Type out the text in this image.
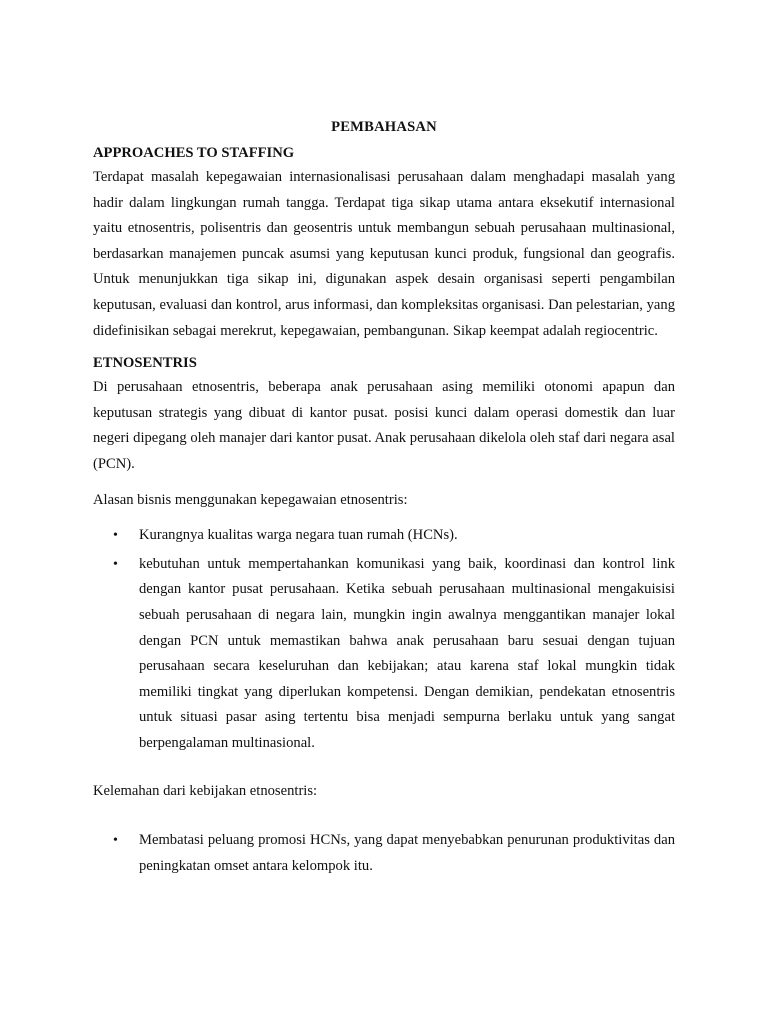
PEMBAHASAN
APPROACHES TO STAFFING

Terdapat masalah kepegawaian internasionalisasi perusahaan dalam menghadapi masalah yang hadir dalam lingkungan rumah tangga. Terdapat tiga sikap utama antara eksekutif internasional yaitu etnosentris, polisentris dan geosentris untuk membangun sebuah perusahaan multinasional, berdasarkan manajemen puncak asumsi yang keputusan kunci produk, fungsional dan geografis. Untuk menunjukkan tiga sikap ini, digunakan aspek desain organisasi seperti pengambilan keputusan, evaluasi dan kontrol, arus informasi, dan kompleksitas organisasi. Dan pelestarian, yang didefinisikan sebagai merekrut, kepegawaian, pembangunan. Sikap keempat adalah regiocentric.

ETNOSENTRIS

Di perusahaan etnosentris, beberapa anak perusahaan asing memiliki otonomi apapun dan keputusan strategis yang dibuat di kantor pusat. posisi kunci dalam operasi domestik dan luar negeri dipegang oleh manajer dari kantor pusat. Anak perusahaan dikelola oleh staf dari negara asal (PCN).

Alasan bisnis menggunakan kepegawaian etnosentris:

• Kurangnya kualitas warga negara tuan rumah (HCNs).
• kebutuhan untuk mempertahankan komunikasi yang baik, koordinasi dan kontrol link dengan kantor pusat perusahaan. Ketika sebuah perusahaan multinasional mengakuisisi sebuah perusahaan di negara lain, mungkin ingin awalnya menggantikan manajer lokal dengan PCN untuk memastikan bahwa anak perusahaan baru sesuai dengan tujuan perusahaan secara keseluruhan dan kebijakan; atau karena staf lokal mungkin tidak memiliki tingkat yang diperlukan kompetensi. Dengan demikian, pendekatan etnosentris untuk situasi pasar asing tertentu bisa menjadi sempurna berlaku untuk yang sangat berpengalaman multinasional.

Kelemahan dari kebijakan etnosentris:

• Membatasi peluang promosi HCNs, yang dapat menyebabkan penurunan produktivitas dan peningkatan omset antara kelompok itu.
